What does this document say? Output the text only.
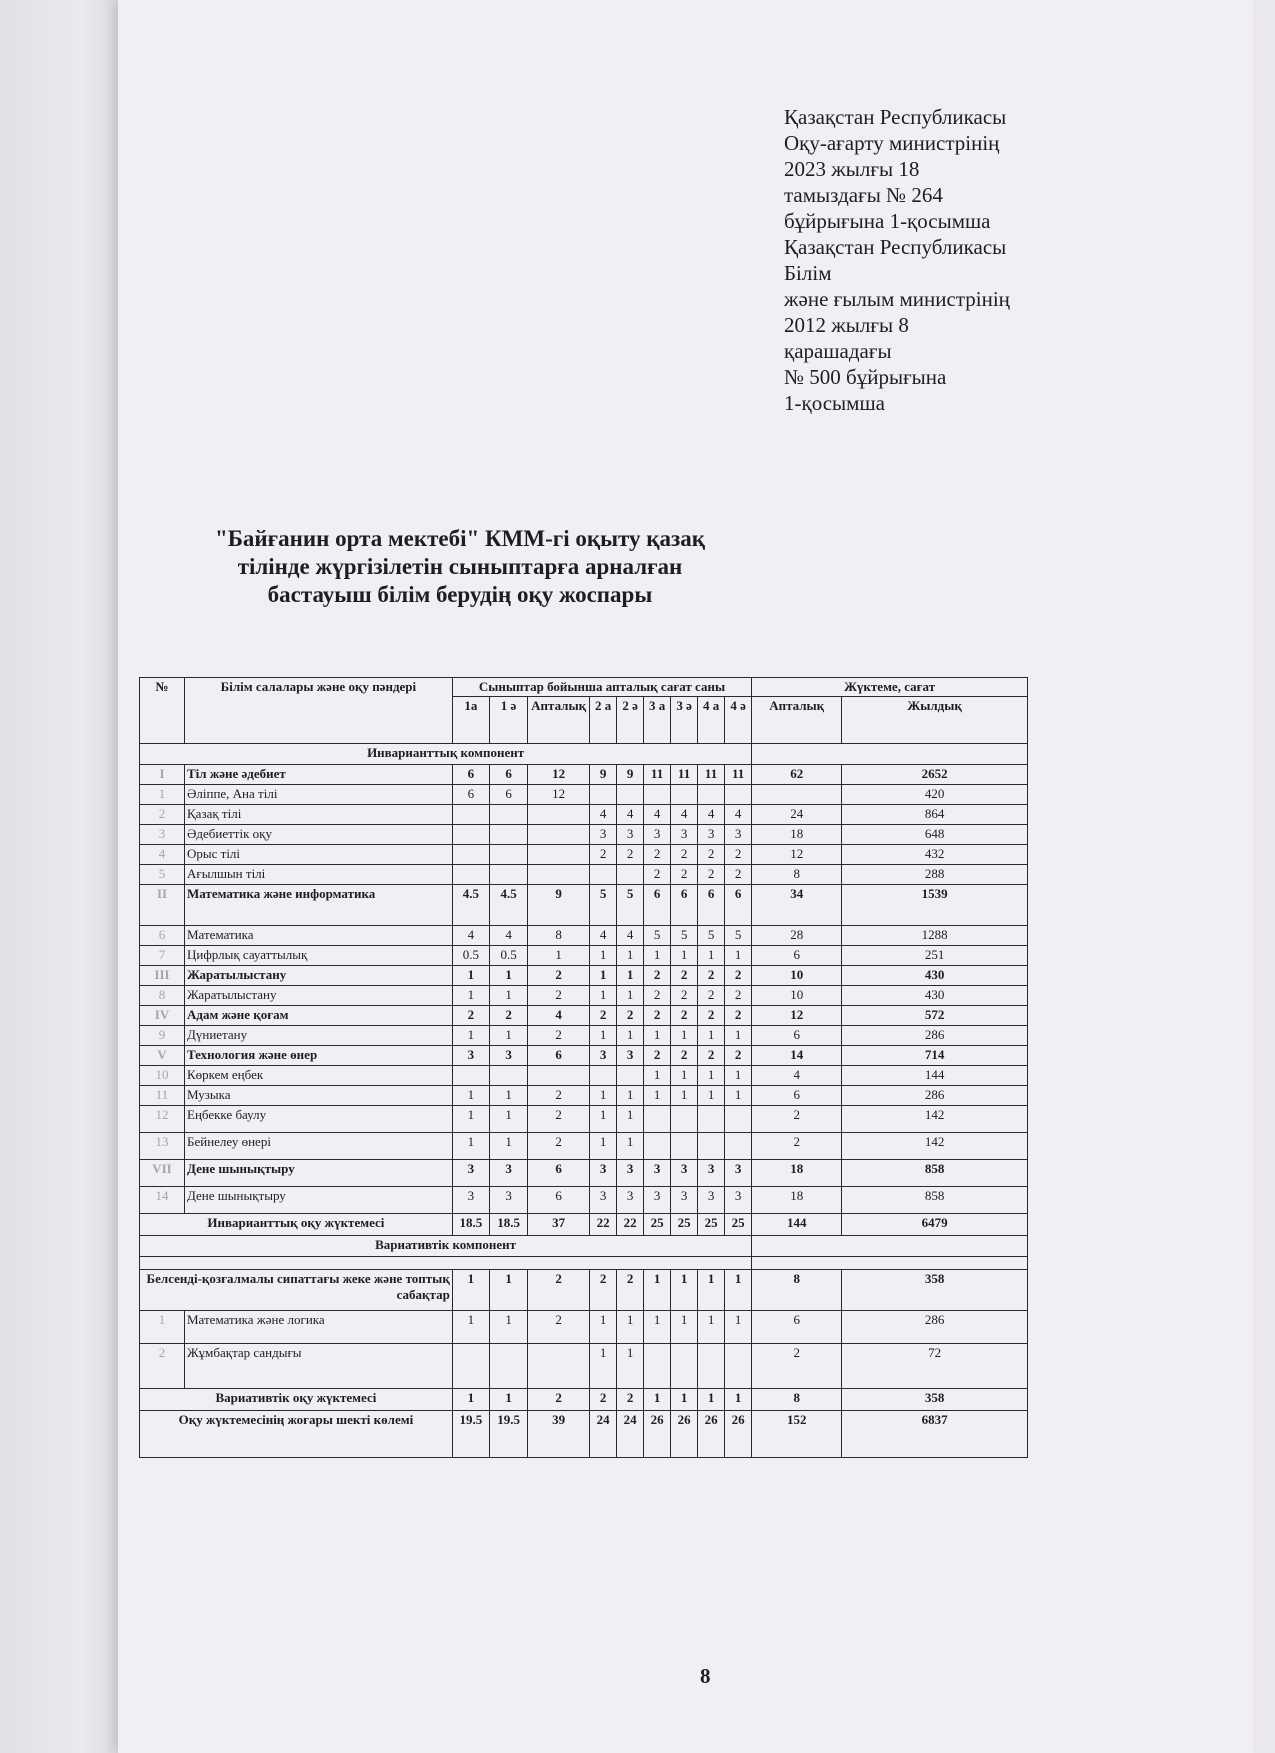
Қазақстан Республикасы
Оқу-ағарту министрінің
2023 жылғы 18
тамыздағы № 264
бұйрығына 1-қосымша
Қазақстан Республикасы
Білім
және ғылым министрінің
2012 жылғы 8
қарашадағы
№ 500 бұйрығына
1-қосымша
"Байғанин орта мектебі" КММ-гі оқыту қазақ
тілінде жүргізілетін сыныптарға арналған
бастауыш білім берудің оқу жоспары
№	Білім салалары және оқу пәндері	Сыныптар бойынша апталық сағат саны									Жүктеме, сағат	
		1а	1 ә	Апталық	2 а	2 ә	3 а	3 ә	4 а	4 ә	Апталық	Жылдық
Инварианттық компонент												
I	Тіл және әдебиет	6	6	12	9	9	11	11	11	11	62	2652
1	Әліппе, Ана тілі	6	6	12								420
2	Қазақ тілі				4	4	4	4	4	4	24	864
3	Әдебиеттік оқу				3	3	3	3	3	3	18	648
4	Орыс тілі				2	2	2	2	2	2	12	432
5	Ағылшын тілі						2	2	2	2	8	288
II	Математика және информатика	4.5	4.5	9	5	5	6	6	6	6	34	1539
6	Математика	4	4	8	4	4	5	5	5	5	28	1288
7	Цифрлық сауаттылық	0.5	0.5	1	1	1	1	1	1	1	6	251
III	Жаратылыстану	1	1	2	1	1	2	2	2	2	10	430
8	Жаратылыстану	1	1	2	1	1	2	2	2	2	10	430
IV	Адам және қоғам	2	2	4	2	2	2	2	2	2	12	572
9	Дүниетану	1	1	2	1	1	1	1	1	1	6	286
V	Технология және өнер	3	3	6	3	3	2	2	2	2	14	714
10	Көркем еңбек						1	1	1	1	4	144
11	Музыка	1	1	2	1	1	1	1	1	1	6	286
12	Еңбекке баулу	1	1	2	1	1					2	142
13	Бейнелеу өнері	1	1	2	1	1					2	142
VII	Дене шынықтыру	3	3	6	3	3	3	3	3	3	18	858
14	Дене шынықтыру	3	3	6	3	3	3	3	3	3	18	858
Инварианттық оқу жүктемесі		18.5	18.5	37	22	22	25	25	25	25	144	6479
Вариативтік компонент												

Белсенді-қозғалмалы сипаттағы жеке және топтық сабақтар		1	1	2	2	2	1	1	1	1	8	358
1	Математика және логика	1	1	2	1	1	1	1	1	1	6	286
2	Жұмбақтар сандығы				1	1					2	72
Вариативтік оқу жүктемесі		1	1	2	2	2	1	1	1	1	8	358
Оқу жүктемесінің жоғары шекті көлемі		19.5	19.5	39	24	24	26	26	26	26	152	6837
8
